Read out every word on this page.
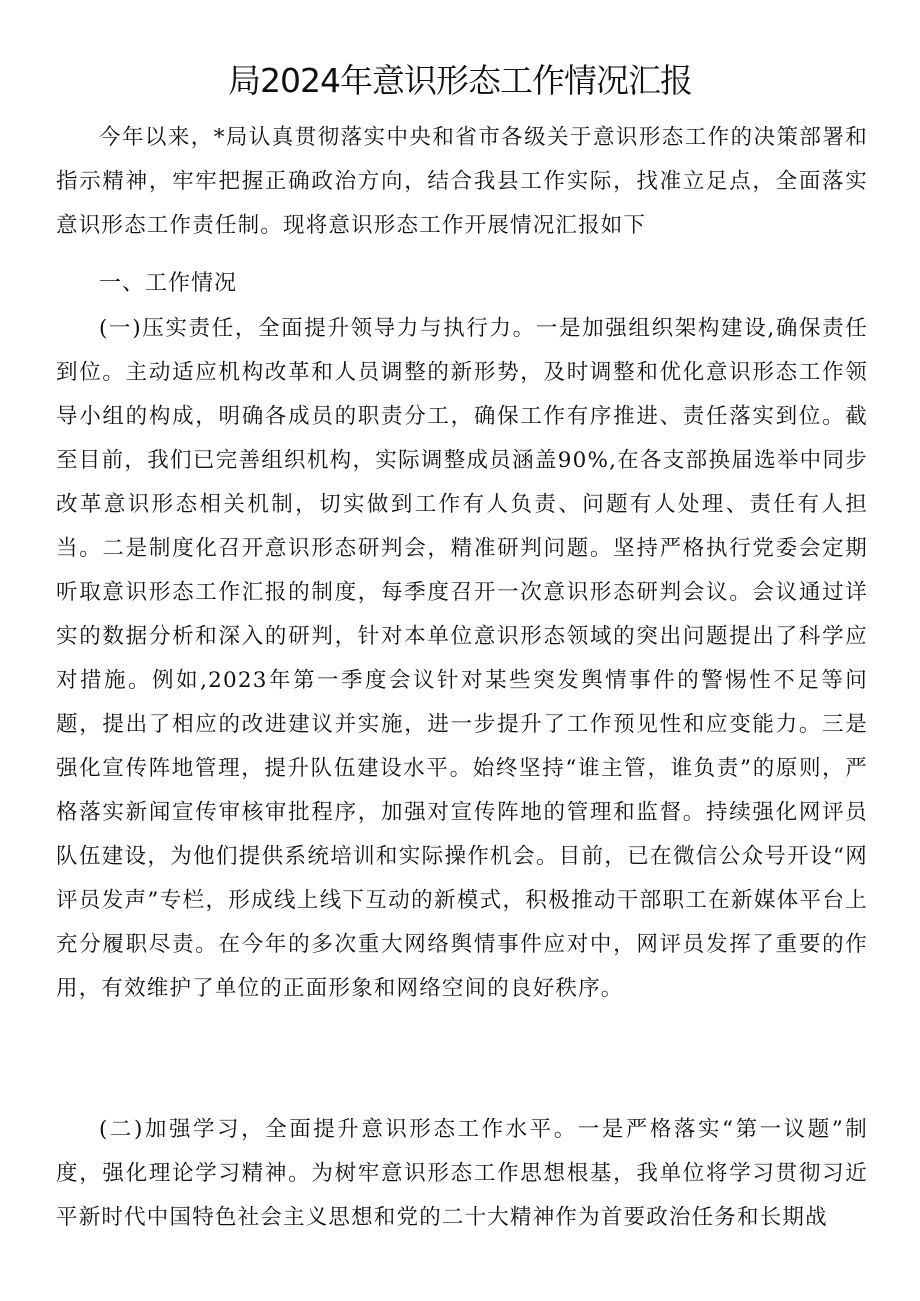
局2024年意识形态工作情况汇报

今年以来，*局认真贯彻落实中央和省市各级关于意识形态工作的决策部署和指示精神，牢牢把握正确政治方向，结合我县工作实际，找准立足点，全面落实意识形态工作责任制。现将意识形态工作开展情况汇报如下

一、工作情况

(一)压实责任，全面提升领导力与执行力。一是加强组织架构建设,确保责任到位。主动适应机构改革和人员调整的新形势，及时调整和优化意识形态工作领导小组的构成，明确各成员的职责分工，确保工作有序推进、责任落实到位。截至目前，我们已完善组织机构，实际调整成员涵盖90%,在各支部换届选举中同步改革意识形态相关机制，切实做到工作有人负责、问题有人处理、责任有人担当。二是制度化召开意识形态研判会，精准研判问题。坚持严格执行党委会定期听取意识形态工作汇报的制度，每季度召开一次意识形态研判会议。会议通过详实的数据分析和深入的研判，针对本单位意识形态领域的突出问题提出了科学应对措施。例如,2023年第一季度会议针对某些突发舆情事件的警惕性不足等问题，提出了相应的改进建议并实施，进一步提升了工作预见性和应变能力。三是强化宣传阵地管理，提升队伍建设水平。始终坚持“谁主管，谁负责”的原则，严格落实新闻宣传审核审批程序，加强对宣传阵地的管理和监督。持续强化网评员队伍建设，为他们提供系统培训和实际操作机会。目前，已在微信公众号开设“网评员发声”专栏，形成线上线下互动的新模式，积极推动干部职工在新媒体平台上充分履职尽责。在今年的多次重大网络舆情事件应对中，网评员发挥了重要的作用，有效维护了单位的正面形象和网络空间的良好秩序。

(二)加强学习，全面提升意识形态工作水平。一是严格落实“第一议题”制度，强化理论学习精神。为树牢意识形态工作思想根基，我单位将学习贯彻习近平新时代中国特色社会主义思想和党的二十大精神作为首要政治任务和长期战
